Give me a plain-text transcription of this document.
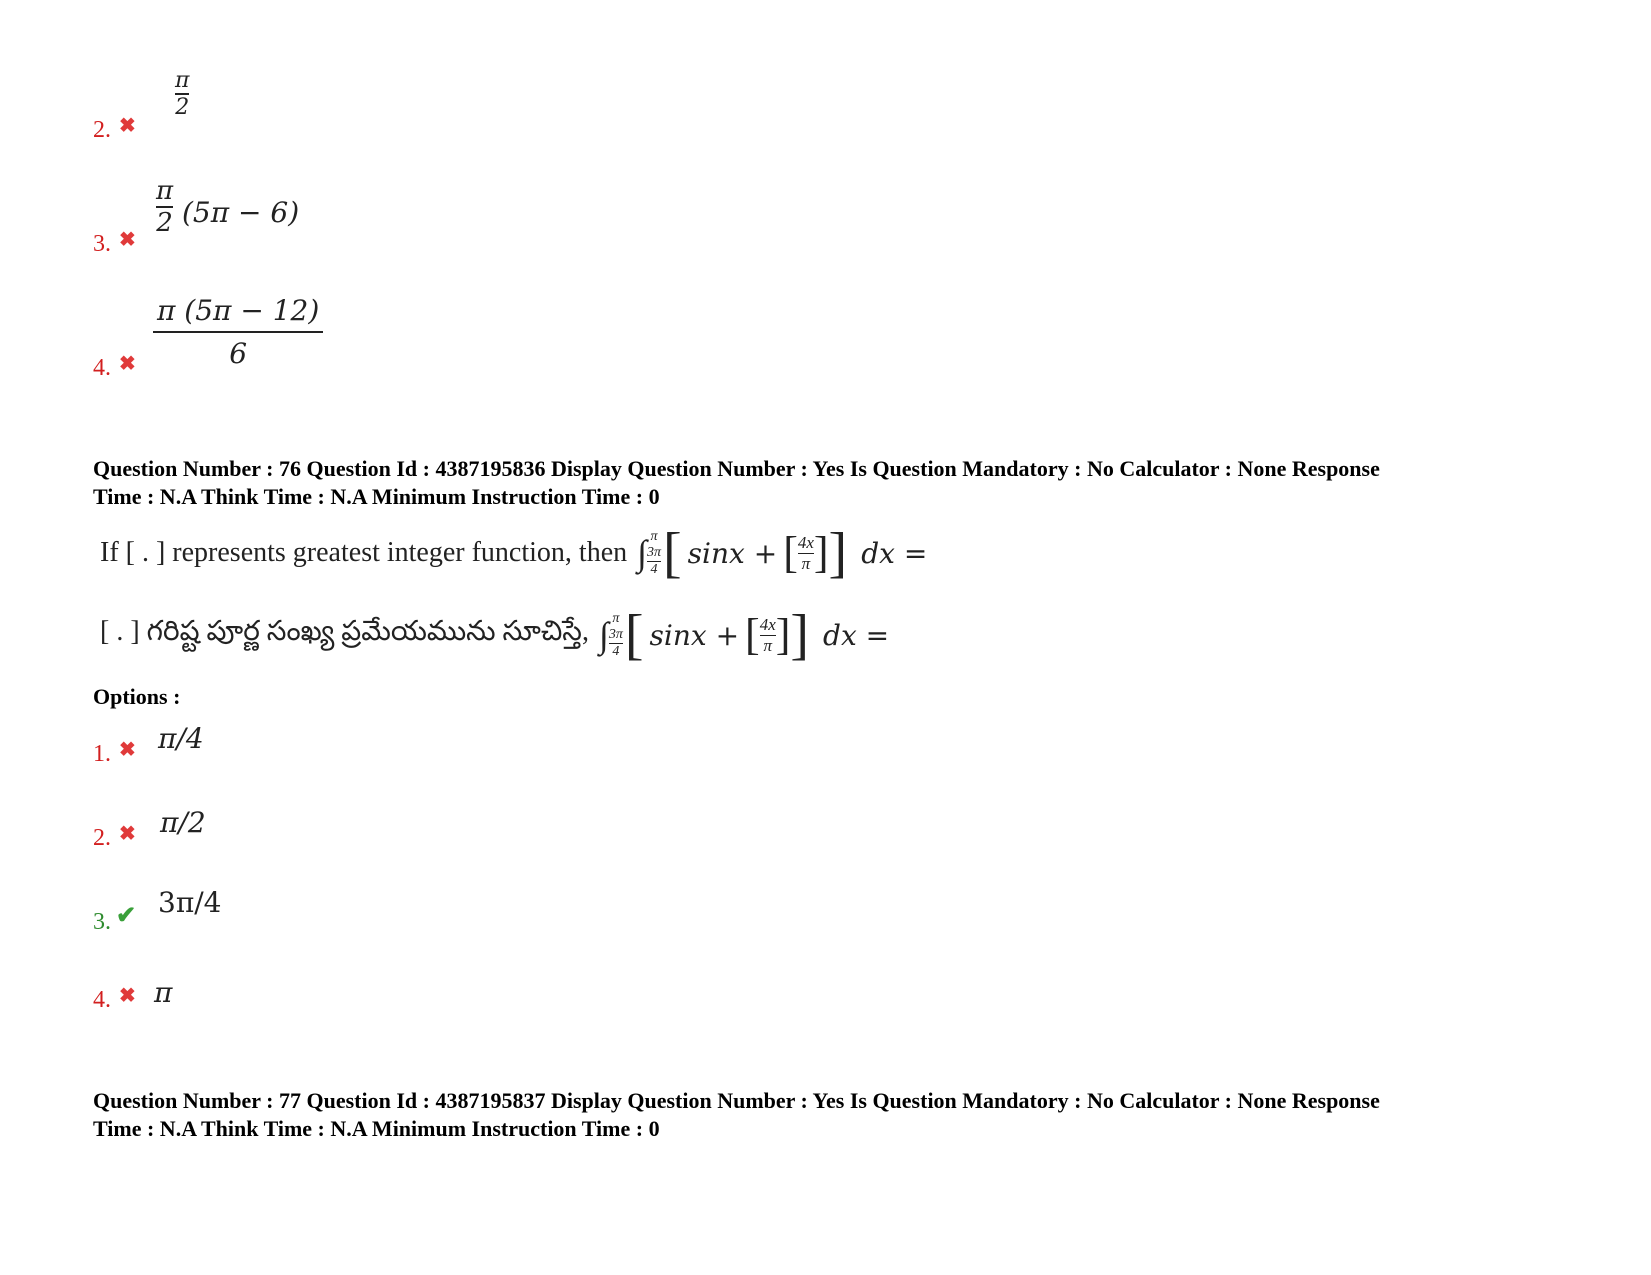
2. ✖
π
2
3. ✖
π
2 (5π − 6)
4. ✖
π (5π − 12)
6
Question Number : 76 Question Id : 4387195836 Display Question Number : Yes Is Question Mandatory : No Calculator : None Response
Time : N.A Think Time : N.A Minimum Instruction Time : 0
If [ . ] represents greatest integer function, then ∫ π
3π
4 [ sinx + [ $\frac{4x}{\pi}$ ] ] dx =
[ . ] గరిష్ట పూర్ణ సంఖ్య ప్రమేయమును సూచిస్తే, ∫ π
3π
4 [ sinx + [ $\frac{4x}{\pi}$ ] ] dx =
Options :
1. ✖ π/4
2. ✖ π/2
3. ✔ 3π/4
4. ✖ π
Question Number : 77 Question Id : 4387195837 Display Question Number : Yes Is Question Mandatory : No Calculator : None Response
Time : N.A Think Time : N.A Minimum Instruction Time : 0
